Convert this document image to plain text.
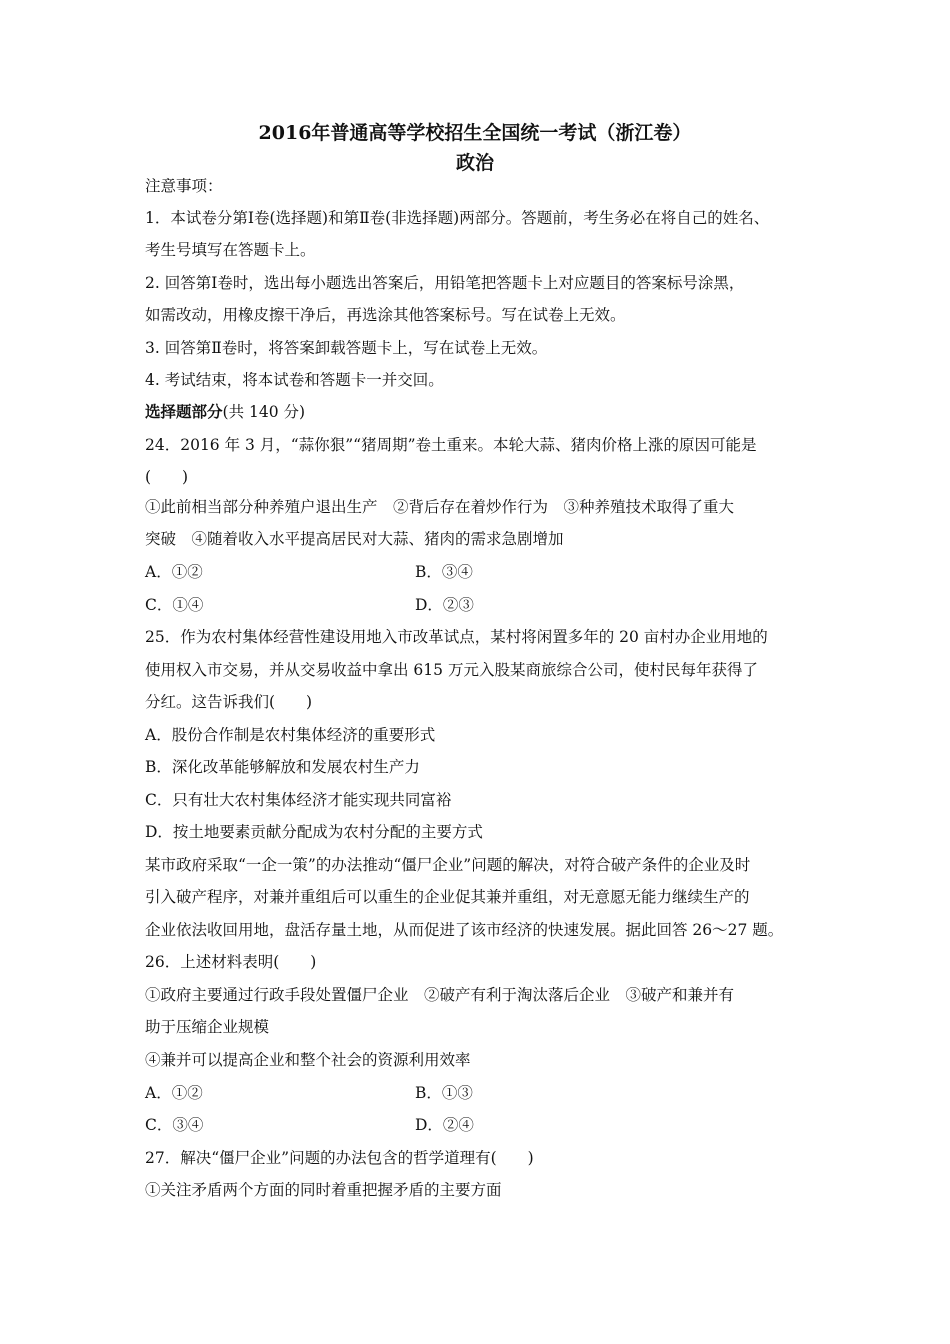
2016年普通高等学校招生全国统一考试（浙江卷）
政治
注意事项：
1．本试卷分第Ⅰ卷(选择题)和第Ⅱ卷(非选择题)两部分。答题前，考生务必在将自己的姓名、
考生号填写在答题卡上。
2. 回答第Ⅰ卷时，选出每小题选出答案后，用铅笔把答题卡上对应题目的答案标号涂黑，
如需改动，用橡皮擦干净后，再选涂其他答案标号。写在试卷上无效。
3. 回答第Ⅱ卷时，将答案卸载答题卡上，写在试卷上无效。
4. 考试结束，将本试卷和答题卡一并交回。
选择题部分(共 140 分)
24．2016 年 3 月，“蒜你狠”“猪周期”卷土重来。本轮大蒜、猪肉价格上涨的原因可能是
(　　)
①此前相当部分种养殖户退出生产　②背后存在着炒作行为　③种养殖技术取得了重大
突破　④随着收入水平提高居民对大蒜、猪肉的需求急剧增加
A．①②	B．③④
C．①④	D．②③
25．作为农村集体经营性建设用地入市改革试点，某村将闲置多年的 20 亩村办企业用地的
使用权入市交易，并从交易收益中拿出 615 万元入股某商旅综合公司，使村民每年获得了
分红。这告诉我们(　　)
A．股份合作制是农村集体经济的重要形式
B．深化改革能够解放和发展农村生产力
C．只有壮大农村集体经济才能实现共同富裕
D．按土地要素贡献分配成为农村分配的主要方式
某市政府采取“一企一策”的办法推动“僵尸企业”问题的解决，对符合破产条件的企业及时
引入破产程序，对兼并重组后可以重生的企业促其兼并重组，对无意愿无能力继续生产的
企业依法收回用地，盘活存量土地，从而促进了该市经济的快速发展。据此回答 26～27 题。
26．上述材料表明(　　)
①政府主要通过行政手段处置僵尸企业　②破产有利于淘汰落后企业　③破产和兼并有
助于压缩企业规模
④兼并可以提高企业和整个社会的资源利用效率
A．①②	B．①③
C．③④	D．②④
27．解决“僵尸企业”问题的办法包含的哲学道理有(　　)
①关注矛盾两个方面的同时着重把握矛盾的主要方面
